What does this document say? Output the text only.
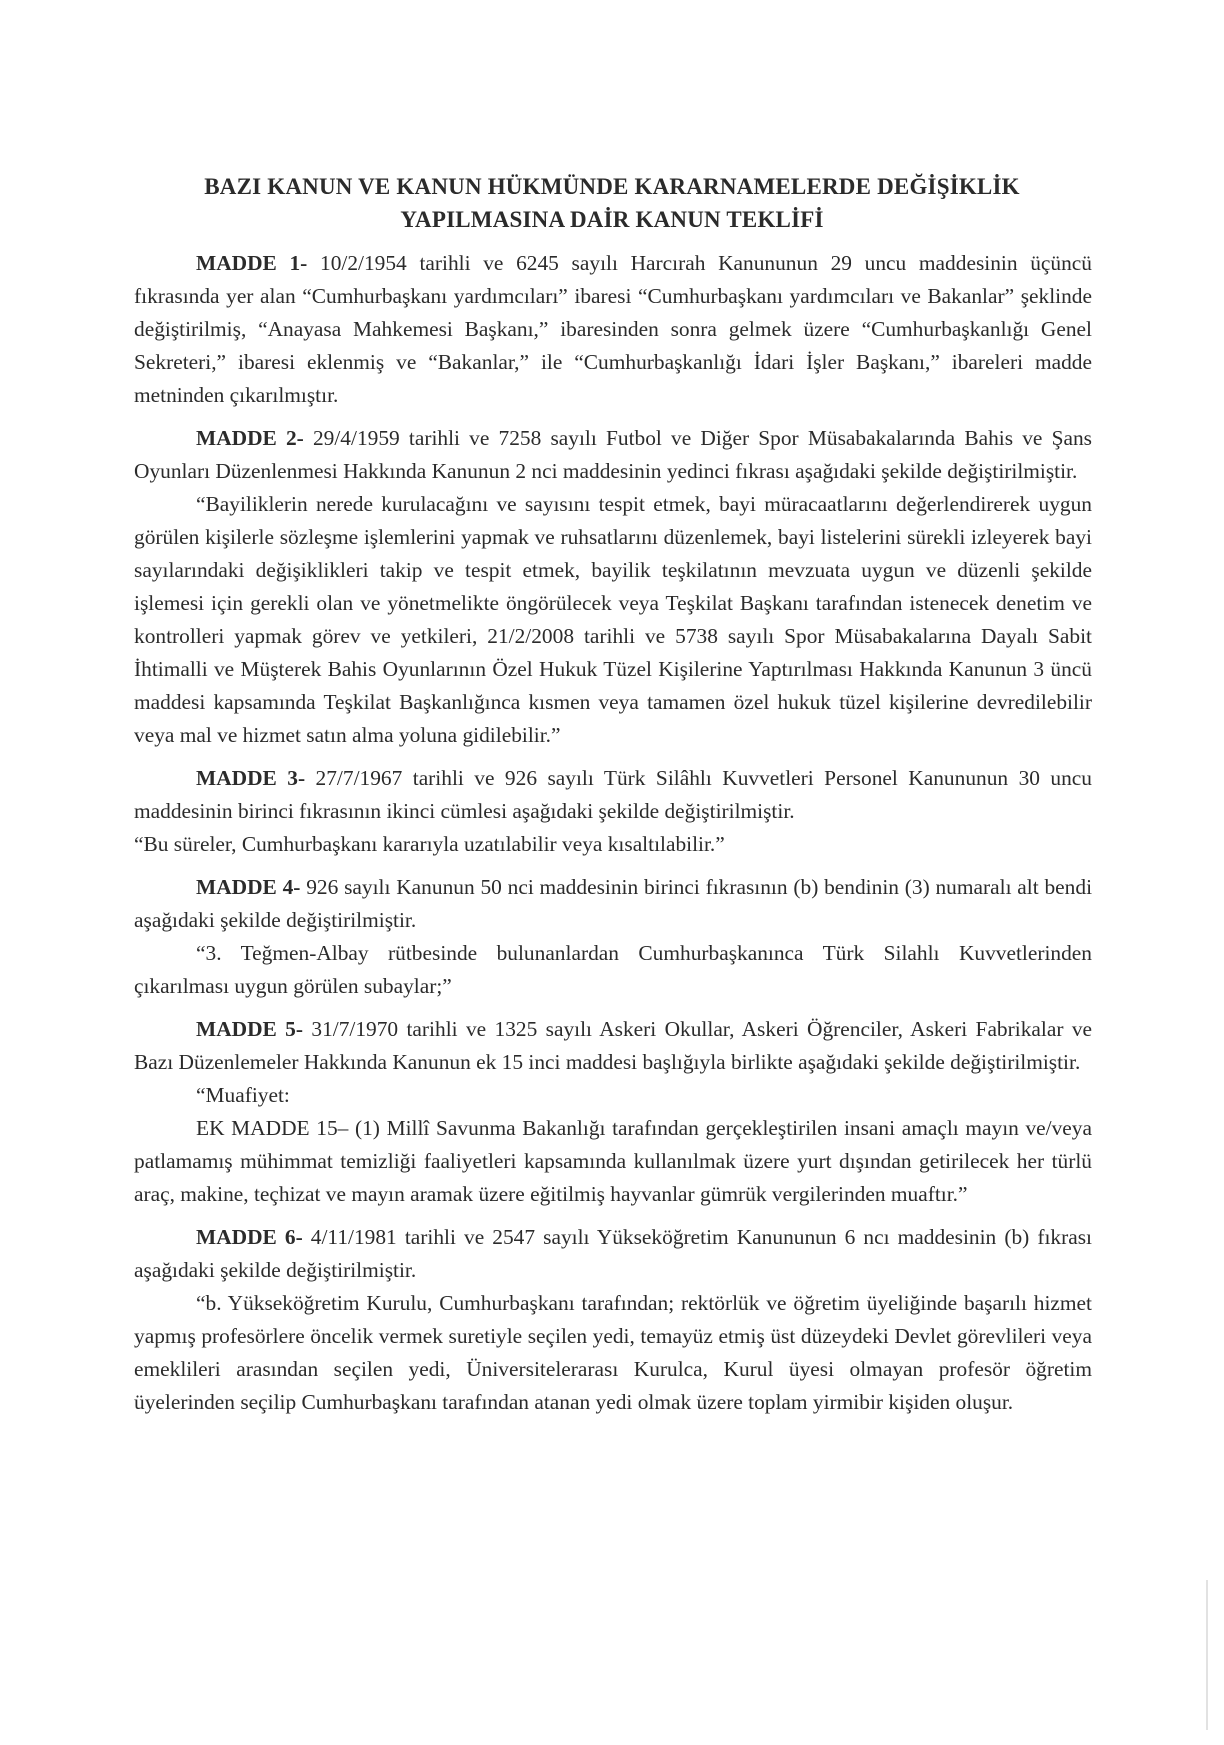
BAZI KANUN VE KANUN HÜKMÜNDE KARARNAMELERDE DEĞİŞİKLİK
YAPILMASINA DAİR KANUN TEKLİFİ

MADDE 1- 10/2/1954 tarihli ve 6245 sayılı Harcırah Kanununun 29 uncu maddesinin üçüncü fıkrasında yer alan “Cumhurbaşkanı yardımcıları” ibaresi “Cumhurbaşkanı yardımcıları ve Bakanlar” şeklinde değiştirilmiş, “Anayasa Mahkemesi Başkanı,” ibaresinden sonra gelmek üzere “Cumhurbaşkanlığı Genel Sekreteri,” ibaresi eklenmiş ve “Bakanlar,” ile “Cumhurbaşkanlığı İdari İşler Başkanı,” ibareleri madde metninden çıkarılmıştır.

MADDE 2- 29/4/1959 tarihli ve 7258 sayılı Futbol ve Diğer Spor Müsabakalarında Bahis ve Şans Oyunları Düzenlenmesi Hakkında Kanunun 2 nci maddesinin yedinci fıkrası aşağıdaki şekilde değiştirilmiştir.

“Bayiliklerin nerede kurulacağını ve sayısını tespit etmek, bayi müracaatlarını değerlendirerek uygun görülen kişilerle sözleşme işlemlerini yapmak ve ruhsatlarını düzenlemek, bayi listelerini sürekli izleyerek bayi sayılarındaki değişiklikleri takip ve tespit etmek, bayilik teşkilatının mevzuata uygun ve düzenli şekilde işlemesi için gerekli olan ve yönetmelikte öngörülecek veya Teşkilat Başkanı tarafından istenecek denetim ve kontrolleri yapmak görev ve yetkileri, 21/2/2008 tarihli ve 5738 sayılı Spor Müsabakalarına Dayalı Sabit İhtimalli ve Müşterek Bahis Oyunlarının Özel Hukuk Tüzel Kişilerine Yaptırılması Hakkında Kanunun 3 üncü maddesi kapsamında Teşkilat Başkanlığınca kısmen veya tamamen özel hukuk tüzel kişilerine devredilebilir veya mal ve hizmet satın alma yoluna gidilebilir.”

MADDE 3- 27/7/1967 tarihli ve 926 sayılı Türk Silâhlı Kuvvetleri Personel Kanununun 30 uncu maddesinin birinci fıkrasının ikinci cümlesi aşağıdaki şekilde değiştirilmiştir.

“Bu süreler, Cumhurbaşkanı kararıyla uzatılabilir veya kısaltılabilir.”

MADDE 4- 926 sayılı Kanunun 50 nci maddesinin birinci fıkrasının (b) bendinin (3) numaralı alt bendi aşağıdaki şekilde değiştirilmiştir.

“3. Teğmen-Albay rütbesinde bulunanlardan Cumhurbaşkanınca Türk Silahlı Kuvvetlerinden çıkarılması uygun görülen subaylar;”

MADDE 5- 31/7/1970 tarihli ve 1325 sayılı Askeri Okullar, Askeri Öğrenciler, Askeri Fabrikalar ve Bazı Düzenlemeler Hakkında Kanunun ek 15 inci maddesi başlığıyla birlikte aşağıdaki şekilde değiştirilmiştir.

“Muafiyet:

EK MADDE 15– (1) Millî Savunma Bakanlığı tarafından gerçekleştirilen insani amaçlı mayın ve/veya patlamamış mühimmat temizliği faaliyetleri kapsamında kullanılmak üzere yurt dışından getirilecek her türlü araç, makine, teçhizat ve mayın aramak üzere eğitilmiş hayvanlar gümrük vergilerinden muaftır.”

MADDE 6- 4/11/1981 tarihli ve 2547 sayılı Yükseköğretim Kanununun 6 ncı maddesinin (b) fıkrası aşağıdaki şekilde değiştirilmiştir.

“b. Yükseköğretim Kurulu, Cumhurbaşkanı tarafından; rektörlük ve öğretim üyeliğinde başarılı hizmet yapmış profesörlere öncelik vermek suretiyle seçilen yedi, temayüz etmiş üst düzeydeki Devlet görevlileri veya emeklileri arasından seçilen yedi, Üniversitelerarası Kurulca, Kurul üyesi olmayan profesör öğretim üyelerinden seçilip Cumhurbaşkanı tarafından atanan yedi olmak üzere toplam yirmibir kişiden oluşur.
